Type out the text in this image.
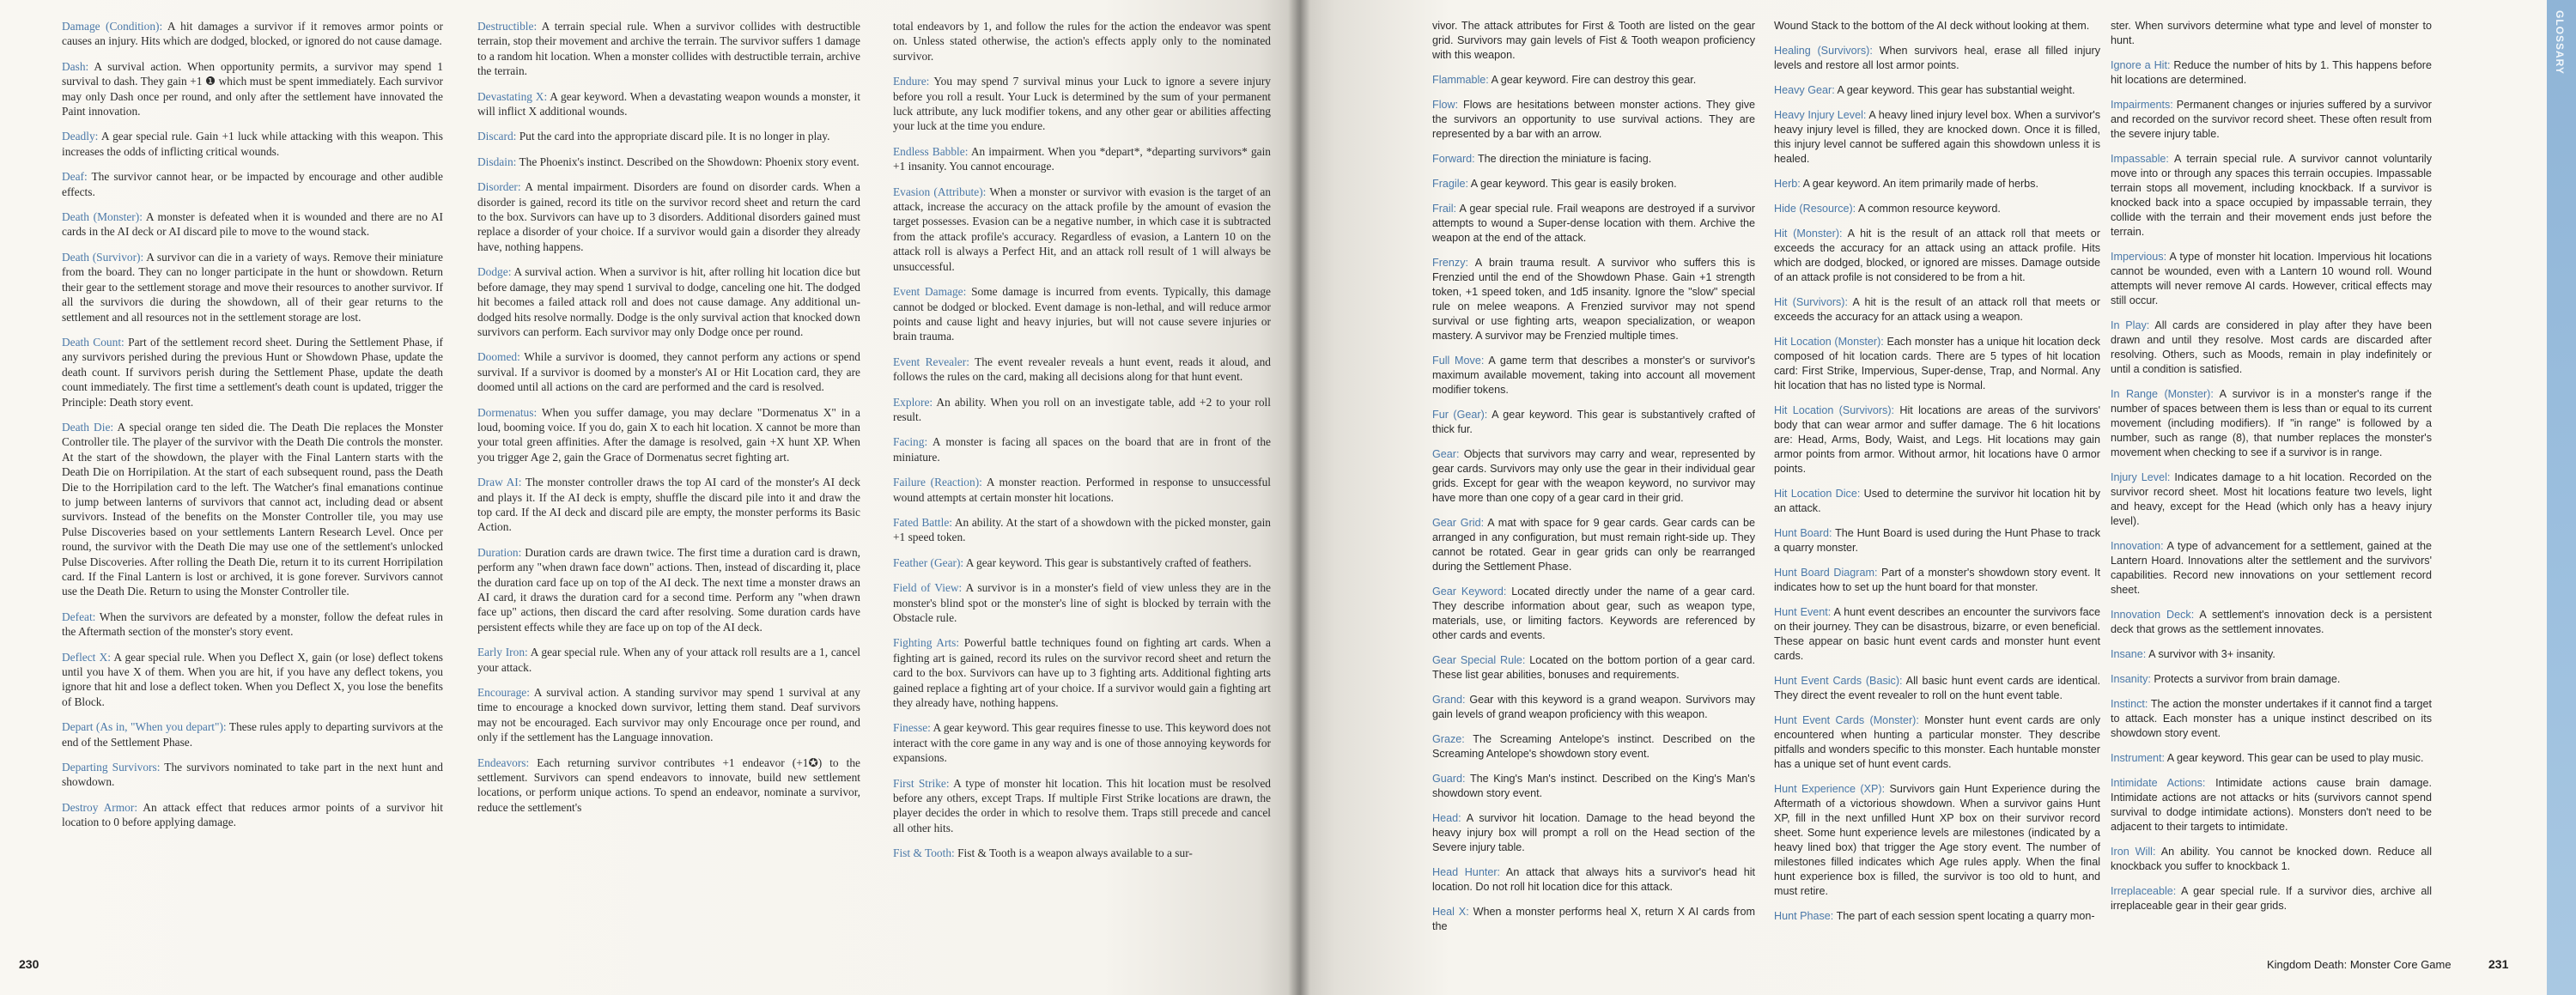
Damage (Condition): A hit damages a survivor if it removes armor points or causes an injury. Hits which are dodged, blocked, or ignored do not cause damage.

Dash: A survival action. When opportunity permits, a survivor may spend 1 survival to dash. They gain +1 ❶ which must be spent immediately. Each survivor may only Dash once per round, and only after the settlement have innovated the Paint innovation.

Deadly: A gear special rule. Gain +1 luck while attacking with this weapon. This increases the odds of inflicting critical wounds.

Deaf: The survivor cannot hear, or be impacted by encourage and other audible effects.

Death (Monster): A monster is defeated when it is wounded and there are no AI cards in the AI deck or AI discard pile to move to the wound stack.

Death (Survivor): A survivor can die in a variety of ways. Remove their miniature from the board. They can no longer participate in the hunt or showdown. Return their gear to the settlement storage and move their resources to another survivor. If all the survivors die during the showdown, all of their gear returns to the settlement and all resources not in the settlement storage are lost.

Death Count: Part of the settlement record sheet. During the Settlement Phase, if any survivors perished during the previous Hunt or Showdown Phase, update the death count. If survivors perish during the Settlement Phase, update the death count immediately. The first time a settlement's death count is updated, trigger the Principle: Death story event.

Death Die: A special orange ten sided die. The Death Die replaces the Monster Controller tile. The player of the survivor with the Death Die controls the monster. At the start of the showdown, the player with the Final Lantern starts with the Death Die on Horripilation. At the start of each subsequent round, pass the Death Die to the Horripilation card to the left. The Watcher's final emanations continue to jump between lanterns of survivors that cannot act, including dead or absent survivors. Instead of the benefits on the Monster Controller tile, you may use Pulse Discoveries based on your settlements Lantern Research Level. Once per round, the survivor with the Death Die may use one of the settlement's unlocked Pulse Discoveries. After rolling the Death Die, return it to its current Horripilation card. If the Final Lantern is lost or archived, it is gone forever. Survivors cannot use the Death Die. Return to using the Monster Controller tile.

Defeat: When the survivors are defeated by a monster, follow the defeat rules in the Aftermath section of the monster's story event.

Deflect X: A gear special rule. When you Deflect X, gain (or lose) deflect tokens until you have X of them. When you are hit, if you have any deflect tokens, you ignore that hit and lose a deflect token. When you Deflect X, you lose the benefits of Block.

Depart (As in, "When you depart"): These rules apply to departing survivors at the end of the Settlement Phase.

Departing Survivors: The survivors nominated to take part in the next hunt and showdown.

Destroy Armor: An attack effect that reduces armor points of a survivor hit location to 0 before applying damage.

Destructible: A terrain special rule. When a survivor collides with destructible terrain, stop their movement and archive the terrain. The survivor suffers 1 damage to a random hit location. When a monster collides with destructible terrain, archive the terrain.

Devastating X: A gear keyword. When a devastating weapon wounds a monster, it will inflict X additional wounds.

Discard: Put the card into the appropriate discard pile. It is no longer in play.

Disdain: The Phoenix's instinct. Described on the Showdown: Phoenix story event.

Disorder: A mental impairment. Disorders are found on disorder cards. When a disorder is gained, record its title on the survivor record sheet and return the card to the box. Survivors can have up to 3 disorders. Additional disorders gained must replace a disorder of your choice. If a survivor would gain a disorder they already have, nothing happens.

Dodge: A survival action. When a survivor is hit, after rolling hit location dice but before damage, they may spend 1 survival to dodge, canceling one hit. The dodged hit becomes a failed attack roll and does not cause damage. Any additional un-dodged hits resolve normally. Dodge is the only survival action that knocked down survivors can perform. Each survivor may only Dodge once per round.

Doomed: While a survivor is doomed, they cannot perform any actions or spend survival. If a survivor is doomed by a monster's AI or Hit Location card, they are doomed until all actions on the card are performed and the card is resolved.

Dormenatus: When you suffer damage, you may declare "Dormenatus X" in a loud, booming voice. If you do, gain X to each hit location. X cannot be more than your total green affinities. After the damage is resolved, gain +X hunt XP. When you trigger Age 2, gain the Grace of Dormenatus secret fighting art.

Draw AI: The monster controller draws the top AI card of the monster's AI deck and plays it. If the AI deck is empty, shuffle the discard pile into it and draw the top card. If the AI deck and discard pile are empty, the monster performs its Basic Action.

Duration: Duration cards are drawn twice. The first time a duration card is drawn, perform any "when drawn face down" actions. Then, instead of discarding it, place the duration card face up on top of the AI deck. The next time a monster draws an AI card, it draws the duration card for a second time. Perform any "when drawn face up" actions, then discard the card after resolving. Some duration cards have persistent effects while they are face up on top of the AI deck.

Early Iron: A gear special rule. When any of your attack roll results are a 1, cancel your attack.

Encourage: A survival action. A standing survivor may spend 1 survival at any time to encourage a knocked down survivor, letting them stand. Deaf survivors may not be encouraged. Each survivor may only Encourage once per round, and only if the settlement has the Language innovation.

Endeavors: Each returning survivor contributes +1 endeavor (+1✪) to the settlement. Survivors can spend endeavors to innovate, build new settlement locations, or perform unique actions. To spend an endeavor, nominate a survivor, reduce the settlement's

total endeavors by 1, and follow the rules for the action the endeavor was spent on. Unless stated otherwise, the action's effects apply only to the nominated survivor.

Endure: You may spend 7 survival minus your Luck to ignore a severe injury before you roll a result. Your Luck is determined by the sum of your permanent luck attribute, any luck modifier tokens, and any other gear or abilities affecting your luck at the time you endure.

Endless Babble: An impairment. When you *depart*, *departing survivors* gain +1 insanity. You cannot encourage.

Evasion (Attribute): When a monster or survivor with evasion is the target of an attack, increase the accuracy on the attack profile by the amount of evasion the target possesses. Evasion can be a negative number, in which case it is subtracted from the attack profile's accuracy. Regardless of evasion, a Lantern 10 on the attack roll is always a Perfect Hit, and an attack roll result of 1 will always be unsuccessful.

Event Damage: Some damage is incurred from events. Typically, this damage cannot be dodged or blocked. Event damage is non-lethal, and will reduce armor points and cause light and heavy injuries, but will not cause severe injuries or brain trauma.

Event Revealer: The event revealer reveals a hunt event, reads it aloud, and follows the rules on the card, making all decisions along for that hunt event.

Explore: An ability. When you roll on an investigate table, add +2 to your roll result.

Facing: A monster is facing all spaces on the board that are in front of the miniature.

Failure (Reaction): A monster reaction. Performed in response to unsuccessful wound attempts at certain monster hit locations.

Fated Battle: An ability. At the start of a showdown with the picked monster, gain +1 speed token.

Feather (Gear): A gear keyword. This gear is substantively crafted of feathers.

Field of View: A survivor is in a monster's field of view unless they are in the monster's blind spot or the monster's line of sight is blocked by terrain with the Obstacle rule.

Fighting Arts: Powerful battle techniques found on fighting art cards. When a fighting art is gained, record its rules on the survivor record sheet and return the card to the box. Survivors can have up to 3 fighting arts. Additional fighting arts gained replace a fighting art of your choice. If a survivor would gain a fighting art they already have, nothing happens.

Finesse: A gear keyword. This gear requires finesse to use. This keyword does not interact with the core game in any way and is one of those annoying keywords for expansions.

First Strike: A type of monster hit location. This hit location must be resolved before any others, except Traps. If multiple First Strike locations are drawn, the player decides the order in which to resolve them. Traps still precede and cancel all other hits.

Fist & Tooth: Fist & Tooth is a weapon always available to a sur-

230

vivor. The attack attributes for First & Tooth are listed on the gear grid. Survivors may gain levels of Fist & Tooth weapon proficiency with this weapon.

Flammable: A gear keyword. Fire can destroy this gear.

Flow: Flows are hesitations between monster actions. They give the survivors an opportunity to use survival actions. They are represented by a bar with an arrow.

Forward: The direction the miniature is facing.

Fragile: A gear keyword. This gear is easily broken.

Frail: A gear special rule. Frail weapons are destroyed if a survivor attempts to wound a Super-dense location with them. Archive the weapon at the end of the attack.

Frenzy: A brain trauma result. A survivor who suffers this is Frenzied until the end of the Showdown Phase. Gain +1 strength token, +1 speed token, and 1d5 insanity. Ignore the "slow" special rule on melee weapons. A Frenzied survivor may not spend survival or use fighting arts, weapon specialization, or weapon mastery. A survivor may be Frenzied multiple times.

Full Move: A game term that describes a monster's or survivor's maximum available movement, taking into account all movement modifier tokens.

Fur (Gear): A gear keyword. This gear is substantively crafted of thick fur.

Gear: Objects that survivors may carry and wear, represented by gear cards. Survivors may only use the gear in their individual gear grids. Except for gear with the weapon keyword, no survivor may have more than one copy of a gear card in their grid.

Gear Grid: A mat with space for 9 gear cards. Gear cards can be arranged in any configuration, but must remain right-side up. They cannot be rotated. Gear in gear grids can only be rearranged during the Settlement Phase.

Gear Keyword: Located directly under the name of a gear card. They describe information about gear, such as weapon type, materials, use, or limiting factors. Keywords are referenced by other cards and events.

Gear Special Rule: Located on the bottom portion of a gear card. These list gear abilities, bonuses and requirements.

Grand: Gear with this keyword is a grand weapon. Survivors may gain levels of grand weapon proficiency with this weapon.

Graze: The Screaming Antelope's instinct. Described on the Screaming Antelope's showdown story event.

Guard: The King's Man's instinct. Described on the King's Man's showdown story event.

Head: A survivor hit location. Damage to the head beyond the heavy injury box will prompt a roll on the Head section of the Severe injury table.

Head Hunter: An attack that always hits a survivor's head hit location. Do not roll hit location dice for this attack.

Heal X: When a monster performs heal X, return X AI cards from the

Wound Stack to the bottom of the AI deck without looking at them.

Healing (Survivors): When survivors heal, erase all filled injury levels and restore all lost armor points.

Heavy Gear: A gear keyword. This gear has substantial weight.

Heavy Injury Level: A heavy lined injury level box. When a survivor's heavy injury level is filled, they are knocked down. Once it is filled, this injury level cannot be suffered again this showdown unless it is healed.

Herb: A gear keyword. An item primarily made of herbs.

Hide (Resource): A common resource keyword.

Hit (Monster): A hit is the result of an attack roll that meets or exceeds the accuracy for an attack using an attack profile. Hits which are dodged, blocked, or ignored are misses. Damage outside of an attack profile is not considered to be from a hit.

Hit (Survivors): A hit is the result of an attack roll that meets or exceeds the accuracy for an attack using a weapon.

Hit Location (Monster): Each monster has a unique hit location deck composed of hit location cards. There are 5 types of hit location card: First Strike, Impervious, Super-dense, Trap, and Normal. Any hit location that has no listed type is Normal.

Hit Location (Survivors): Hit locations are areas of the survivors' body that can wear armor and suffer damage. The 6 hit locations are: Head, Arms, Body, Waist, and Legs. Hit locations may gain armor points from armor. Without armor, hit locations have 0 armor points.

Hit Location Dice: Used to determine the survivor hit location hit by an attack.

Hunt Board: The Hunt Board is used during the Hunt Phase to track a quarry monster.

Hunt Board Diagram: Part of a monster's showdown story event. It indicates how to set up the hunt board for that monster.

Hunt Event: A hunt event describes an encounter the survivors face on their journey. They can be disastrous, bizarre, or even beneficial. These appear on basic hunt event cards and monster hunt event cards.

Hunt Event Cards (Basic): All basic hunt event cards are identical. They direct the event revealer to roll on the hunt event table.

Hunt Event Cards (Monster): Monster hunt event cards are only encountered when hunting a particular monster. They describe pitfalls and wonders specific to this monster. Each huntable monster has a unique set of hunt event cards.

Hunt Experience (XP): Survivors gain Hunt Experience during the Aftermath of a victorious showdown. When a survivor gains Hunt XP, fill in the next unfilled Hunt XP box on their survivor record sheet. Some hunt experience levels are milestones (indicated by a heavy lined box) that trigger the Age story event. The number of milestones filled indicates which Age rules apply. When the final hunt experience box is filled, the survivor is too old to hunt, and must retire.

Hunt Phase: The part of each session spent locating a quarry mon-

ster. When survivors determine what type and level of monster to hunt.

Ignore a Hit: Reduce the number of hits by 1. This happens before hit locations are determined.

Impairments: Permanent changes or injuries suffered by a survivor and recorded on the survivor record sheet. These often result from the severe injury table.

Impassable: A terrain special rule. A survivor cannot voluntarily move into or through any spaces this terrain occupies. Impassable terrain stops all movement, including knockback. If a survivor is knocked back into a space occupied by impassable terrain, they collide with the terrain and their movement ends just before the terrain.

Impervious: A type of monster hit location. Impervious hit locations cannot be wounded, even with a Lantern 10 wound roll. Wound attempts will never remove AI cards. However, critical effects may still occur.

In Play: All cards are considered in play after they have been drawn and until they resolve. Most cards are discarded after resolving. Others, such as Moods, remain in play indefinitely or until a condition is satisfied.

In Range (Monster): A survivor is in a monster's range if the number of spaces between them is less than or equal to its current movement (including modifiers). If "in range" is followed by a number, such as range (8), that number replaces the monster's movement when checking to see if a survivor is in range.

Injury Level: Indicates damage to a hit location. Recorded on the survivor record sheet. Most hit locations feature two levels, light and heavy, except for the Head (which only has a heavy injury level).

Innovation: A type of advancement for a settlement, gained at the Lantern Hoard. Innovations alter the settlement and the survivors' capabilities. Record new innovations on your settlement record sheet.

Innovation Deck: A settlement's innovation deck is a persistent deck that grows as the settlement innovates.

Insane: A survivor with 3+ insanity.

Insanity: Protects a survivor from brain damage.

Instinct: The action the monster undertakes if it cannot find a target to attack. Each monster has a unique instinct described on its showdown story event.

Instrument: A gear keyword. This gear can be used to play music.

Intimidate Actions: Intimidate actions cause brain damage. Intimidate actions are not attacks or hits (survivors cannot spend survival to dodge intimidate actions). Monsters don't need to be adjacent to their targets to intimidate.

Iron Will: An ability. You cannot be knocked down. Reduce all knockback you suffer to knockback 1.

Irreplaceable: A gear special rule. If a survivor dies, archive all irreplaceable gear in their gear grids.

Kingdom Death: Monster Core Game	231
GLOSSARY
